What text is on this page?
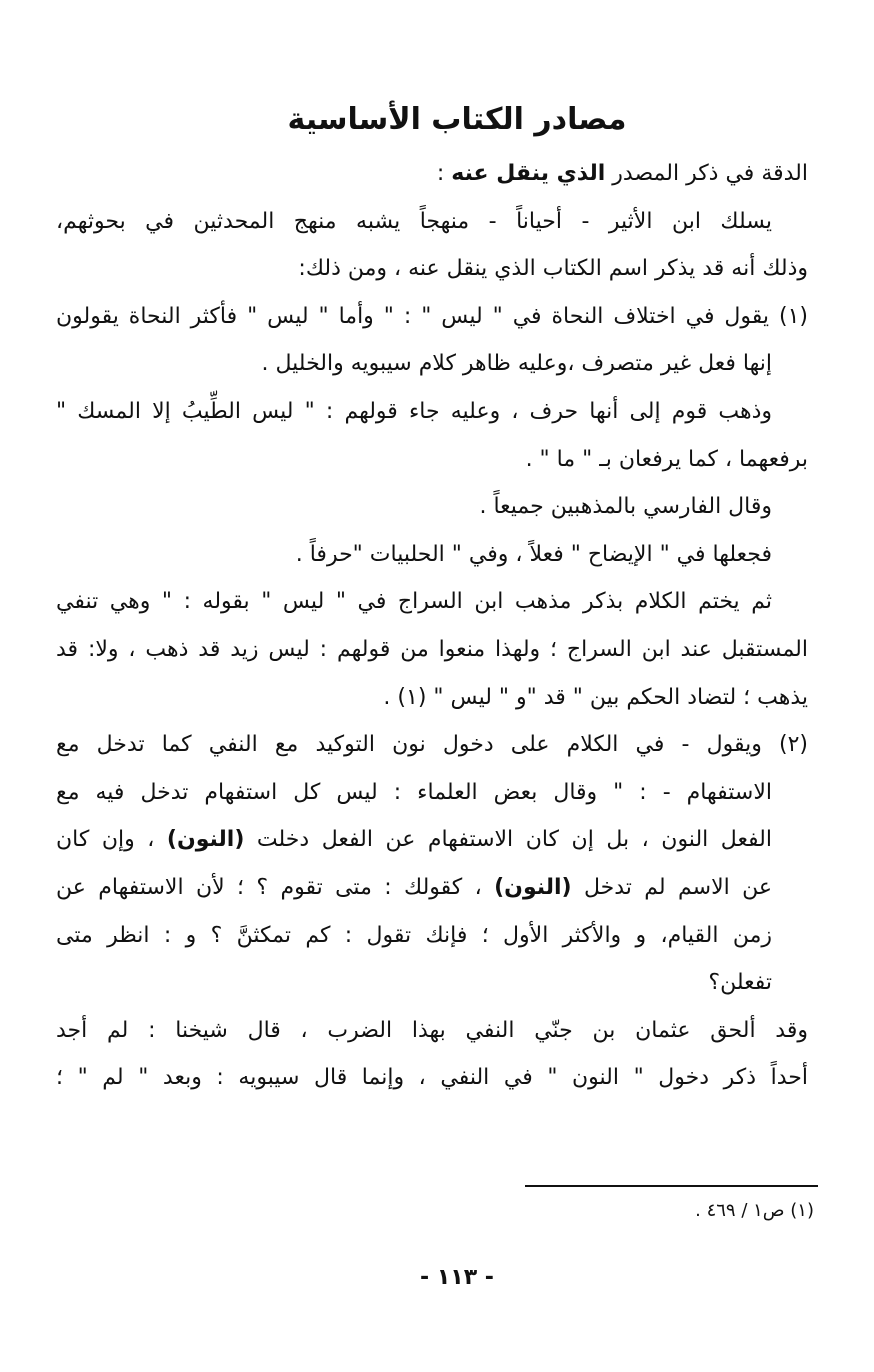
مصادر الكتاب الأساسية
الدقة في ذكر المصدر الذي ينقل عنه :
يسلك ابن الأثير - أحياناً - منهجاً يشبه منهج المحدثين في بحوثهم،
وذلك أنه قد يذكر اسم الكتاب الذي ينقل عنه ، ومن ذلك:
(١) يقول في اختلاف النحاة في " ليس " : " وأما " ليس " فأكثر النحاة يقولون
إنها فعل غير متصرف ،وعليه ظاهر كلام سيبويه والخليل .
وذهب قوم إلى أنها حرف ، وعليه جاء قولهم : " ليس الطِّيبُ إلا المسك "
برفعهما ، كما يرفعان بـ " ما " .
وقال الفارسي بالمذهبين جميعاً .
فجعلها في " الإيضاح " فعلاً ، وفي " الحلبيات "حرفاً .
ثم يختم الكلام بذكر مذهب ابن السراج في " ليس " بقوله : " وهي تنفي
المستقبل عند ابن السراج ؛ ولهذا منعوا من قولهم : ليس زيد قد ذهب ، ولا: قد
يذهب ؛ لتضاد الحكم بين " قد "و " ليس " (١) .
(٢) ويقول - في الكلام على دخول نون التوكيد مع النفي كما تدخل مع
الاستفهام - : " وقال بعض العلماء : ليس كل استفهام تدخل فيه مع
الفعل النون ، بل إن كان الاستفهام عن الفعل دخلت (النون) ، وإن كان
عن الاسم لم تدخل (النون) ، كقولك : متى تقوم ؟ ؛ لأن الاستفهام عن
زمن القيام، و والأكثر الأول ؛ فإنك تقول : كم تمكثنَّ ؟ و : انظر متى
تفعلن؟
وقد ألحق عثمان بن جنّي النفي بهذا الضرب ، قال شيخنا : لم أجد
أحداً ذكر دخول " النون " في النفي ، وإنما قال سيبويه : وبعد " لم " ؛
(١) ص١ / ٤٦٩ .
- ١١٣ -
